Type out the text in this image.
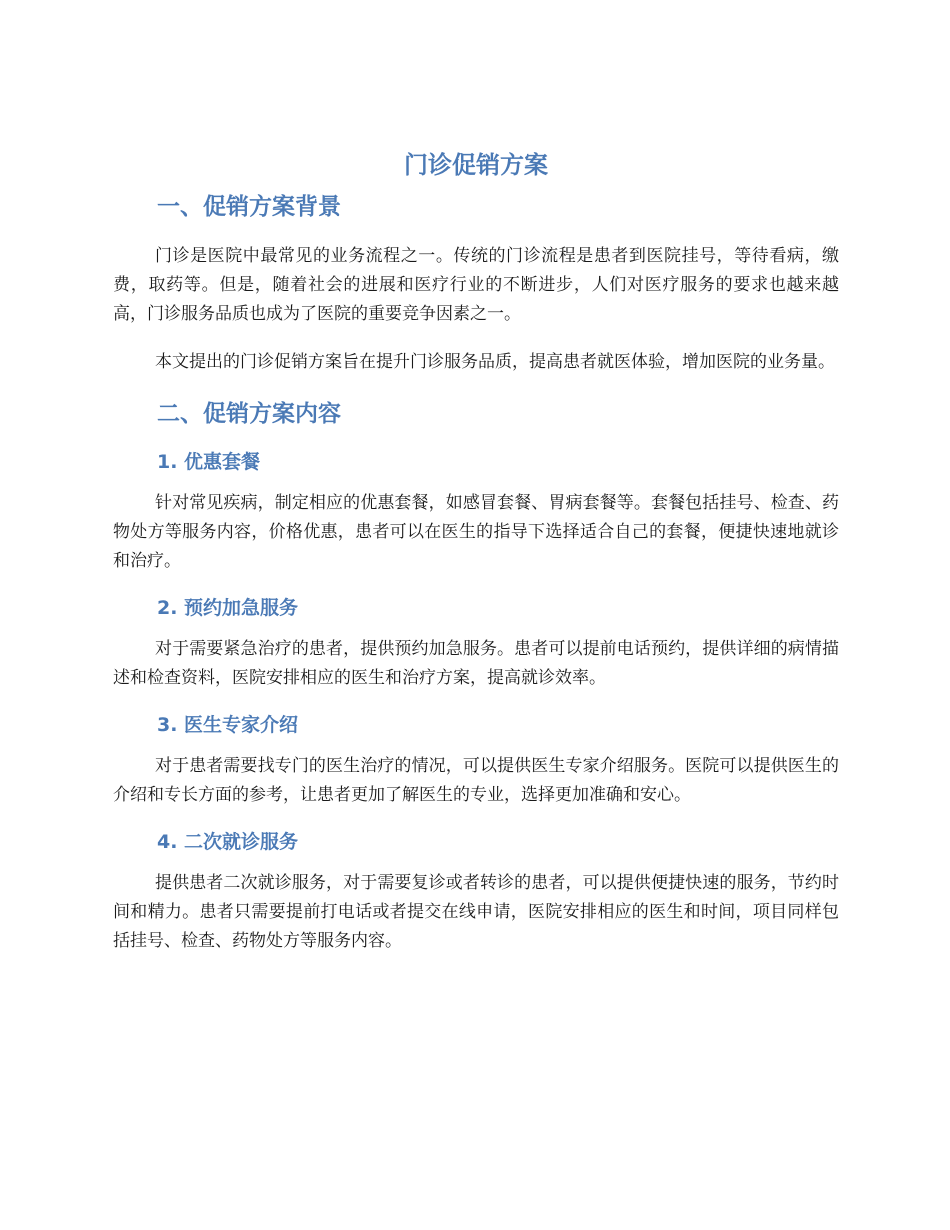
门诊促销方案
一、促销方案背景

门诊是医院中最常见的业务流程之一。传统的门诊流程是患者到医院挂号，等待看病，缴费，取药等。但是，随着社会的进展和医疗行业的不断进步，人们对医疗服务的要求也越来越高，门诊服务品质也成为了医院的重要竞争因素之一。

本文提出的门诊促销方案旨在提升门诊服务品质，提高患者就医体验，增加医院的业务量。

二、促销方案内容
1. 优惠套餐

针对常见疾病，制定相应的优惠套餐，如感冒套餐、胃病套餐等。套餐包括挂号、检查、药物处方等服务内容，价格优惠，患者可以在医生的指导下选择适合自己的套餐，便捷快速地就诊和治疗。

2. 预约加急服务

对于需要紧急治疗的患者，提供预约加急服务。患者可以提前电话预约，提供详细的病情描述和检查资料，医院安排相应的医生和治疗方案，提高就诊效率。

3. 医生专家介绍

对于患者需要找专门的医生治疗的情况，可以提供医生专家介绍服务。医院可以提供医生的介绍和专长方面的参考，让患者更加了解医生的专业，选择更加准确和安心。

4. 二次就诊服务

提供患者二次就诊服务，对于需要复诊或者转诊的患者，可以提供便捷快速的服务，节约时间和精力。患者只需要提前打电话或者提交在线申请，医院安排相应的医生和时间，项目同样包括挂号、检查、药物处方等服务内容。
